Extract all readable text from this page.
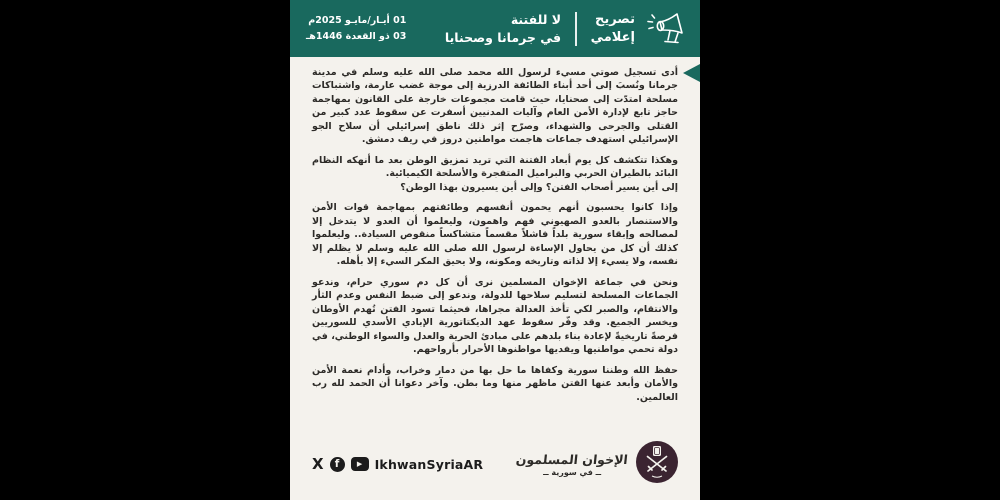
تصريح
إعلامي
لا للفتنة
في جرمانا وصحنايا
01 أيـار/مايـو 2025م
03 ذو القعدة 1446هـ
أدى تسجيل صوتي مسيء لرسول الله محمد صلى الله عليه وسلم في مدينة جرمانا ونُسبَ إلى أحد أبناء الطائفة الدرزية إلى موجة غضب عارمة، واشتباكات مسلحة امتدّت إلى صحنايا، حيث قامت مجموعات خارجة على القانون بمهاجمة حاجز تابع لإدارة الأمن العام وآليات المدنيين أسفرت عن سقوط عدد كبير من القتلى والجرحى والشهداء، وصرّح إثر ذلك ناطق إسرائيلي أن سلاح الجو الإسرائيلي استهدف جماعات هاجمت مواطنين دروز في ريف دمشق.
وهكذا تتكشف كل يوم أبعاد الفتنة التي تريد تمزيق الوطن بعد ما أنهكه النظام البائد بالطيران الحربي والبراميل المتفجرة والأسلحة الكيميائية.
إلى أين يسير أصحاب الفتن؟ وإلى أين يسيرون بهذا الوطن؟
وإذا كانوا يحسبون أنهم يحمون أنفسهم وطائفتهم بمهاجمة قوات الأمن والاستنصار بالعدو الصهيوني فهم واهمون، وليعلموا أن العدو لا يتدخل إلا لمصالحه وإبقاء سورية بلداً فاشلاً مقسماً متشاكساً منقوص السيادة.. وليعلموا كذلك أن كل من يحاول الإساءة لرسول الله صلى الله عليه وسلم لا يظلم إلا نفسه، ولا يسيء إلا لذاته وتاريخه ومكونه، ولا يحيق المكر السيء إلا بأهله.
ونحن في جماعة الإخوان المسلمين نرى أن كل دم سوري حرام، وندعو الجماعات المسلحة لتسليم سلاحها للدولة، وندعو إلى ضبط النفس وعدم الثأر والانتقام، والصبر لكي تأخذ العدالة مجراها، فحيثما تسود الفتن تُهدم الأوطان ويخسر الجميع. وقد وفّر سقوط عهد الديكتاتورية الإبادي الأسدي للسوريين فرصةً تاريخيةً لإعادة بناء بلدهم على مبادئ الحرية والعدل والسواء الوطني، في دولة تحمي مواطنيها ويفديها مواطنوها الأحرار بأرواحهم.
حفظ الله وطننا سورية وكفاها ما حل بها من دمار وخراب، وأدام نعمة الأمن والأمان وأبعد عنها الفتن ماظهر منها وما بطن. وآخر دعوانا أن الحمد لله رب العالمين.
الإخوان المسلمون
ــ في سورية ــ
X	f	▶ IkhwanSyriaAR
